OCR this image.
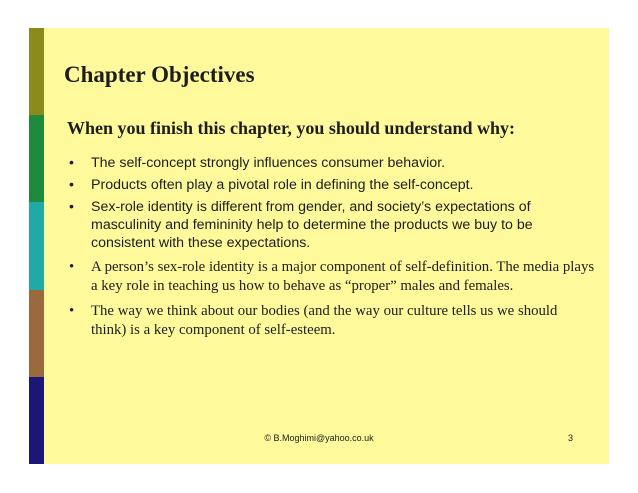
Chapter Objectives
When you finish this chapter, you should understand why:
• The self-concept strongly influences consumer behavior.
• Products often play a pivotal role in defining the self-concept.
• Sex-role identity is different from gender, and society’s expectations of masculinity and femininity help to determine the products we buy to be consistent with these expectations.
• A person’s sex-role identity is a major component of self-definition. The media plays a key role in teaching us how to behave as “proper” males and females.
• The way we think about our bodies (and the way our culture tells us we should think) is a key component of self-esteem.
© B.Moghimi@yahoo.co.uk	3
